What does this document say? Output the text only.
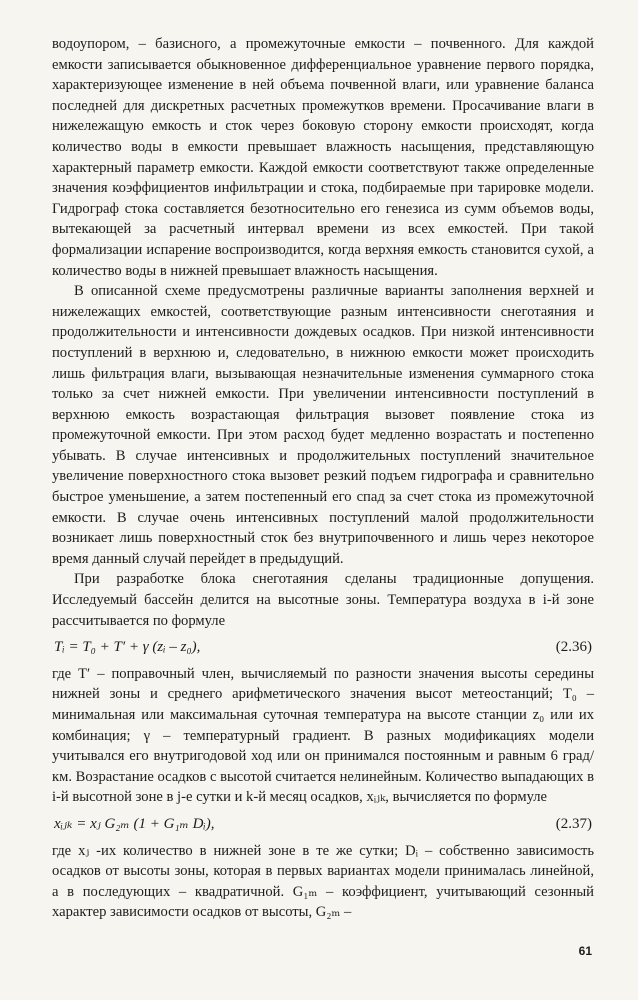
водоупором, – базисного, а промежуточные емкости – почвенного. Для каждой емкости записывается обыкновенное дифференциальное уравнение первого порядка, характеризующее изменение в ней объема почвенной влаги, или уравнение баланса последней для дискретных расчетных промежутков времени. Просачивание влаги в нижележащую емкость и сток через боковую сторону емкости происходят, когда количество воды в емкости превышает влажность насыщения, представляющую характерный параметр емкости. Каждой емкости соответствуют также определенные значения коэффициентов инфильтрации и стока, подбираемые при тарировке модели. Гидрограф стока составляется безотносительно его генезиса из сумм объемов воды, вытекающей за расчетный интервал времени из всех емкостей. При такой формализации испарение воспроизводится, когда верхняя емкость становится сухой, а количество воды в нижней превышает влажность насыщения.

В описанной схеме предусмотрены различные варианты заполнения верхней и нижележащих емкостей, соответствующие разным интенсивности снеготаяния и продолжительности и интенсивности дождевых осадков. При низкой интенсивности поступлений в верхнюю и, следовательно, в нижнюю емкости может происходить лишь фильтрация влаги, вызывающая незначительные изменения суммарного стока только за счет нижней емкости. При увеличении интенсивности поступлений в верхнюю емкость возрастающая фильтрация вызовет появление стока из промежуточной емкости. При этом расход будет медленно возрастать и постепенно убывать. В случае интенсивных и продолжительных поступлений значительное увеличение поверхностного стока вызовет резкий подъем гидрографа и сравнительно быстрое уменьшение, а затем постепенный его спад за счет стока из промежуточной емкости. В случае очень интенсивных поступлений малой продолжительности возникает лишь поверхностный сток без внутрипочвенного и лишь через некоторое время данный случай перейдет в предыдущий.

При разработке блока снеготаяния сделаны традиционные допущения. Исследуемый бассейн делится на высотные зоны. Температура воздуха в i-й зоне рассчитывается по формуле

Tᵢ = T₀ + T′ + γ (zᵢ – z₀),	(2.36)

где T′ – поправочный член, вычисляемый по разности значения высоты середины нижней зоны и среднего арифметического значения высот метеостанций; T₀ – минимальная или максимальная суточная температура на высоте станции z₀ или их комбинация; γ – температурный градиент. В разных модификациях модели учитывался его внутригодовой ход или он принимался постоянным и равным 6 град/км. Возрастание осадков с высотой считается нелинейным. Количество выпадающих в i-й высотной зоне в j-е сутки и k-й месяц осадков, xᵢⱼₖ, вычисляется по формуле

xᵢⱼₖ = xⱼ G₂ₘ (1 + G₁ₘ Dᵢ),	(2.37)

где xⱼ -их количество в нижней зоне в те же сутки; Dᵢ – собственно зависимость осадков от высоты зоны, которая в первых вариантах модели принималась линейной, а в последующих – квадратичной. G₁ₘ – коэффициент, учитывающий сезонный характер зависимости осадков от высоты, G₂ₘ –

61
